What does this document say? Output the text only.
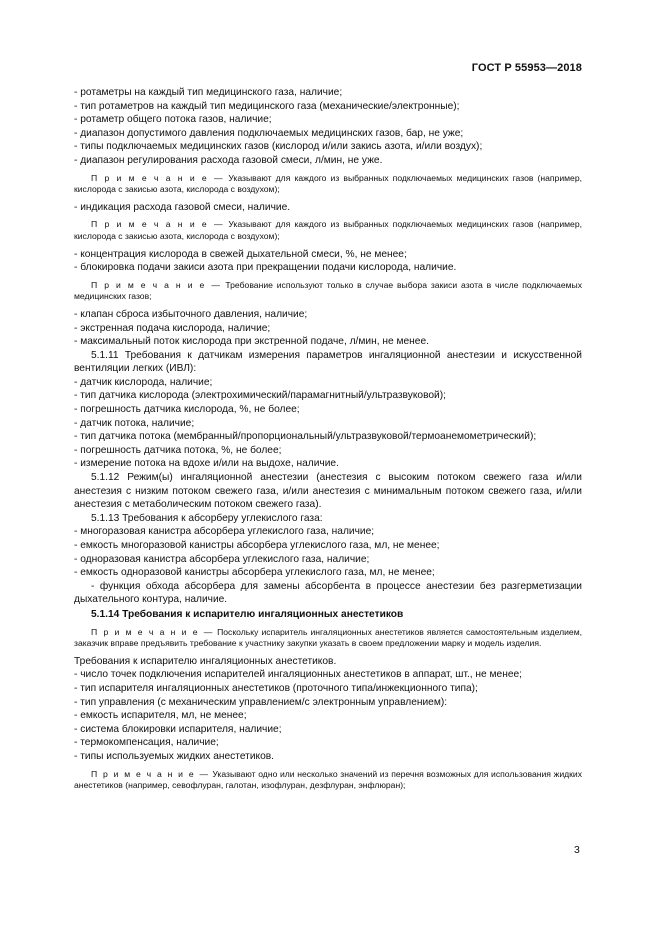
ГОСТ Р 55953—2018

- ротаметры на каждый тип медицинского газа, наличие;

- тип ротаметров на каждый тип медицинского газа (механические/электронные);

- ротаметр общего потока газов, наличие;

- диапазон допустимого давления подключаемых медицинских газов, бар, не уже;

- типы подключаемых медицинских газов (кислород и/или закись азота, и/или воздух);

- диапазон регулирования расхода газовой смеси, л/мин, не уже.

П р и м е ч а н и е — Указывают для каждого из выбранных подключаемых медицинских газов (например, кислорода с закисью азота, кислорода с воздухом);

- индикация расхода газовой смеси, наличие.

П р и м е ч а н и е — Указывают для каждого из выбранных подключаемых медицинских газов (например, кислорода с закисью азота, кислорода с воздухом);

- концентрация кислорода в свежей дыхательной смеси, %, не менее;

- блокировка подачи закиси азота при прекращении подачи кислорода, наличие.

П р и м е ч а н и е — Требование используют только в случае выбора закиси азота в числе подключаемых медицинских газов;

- клапан сброса избыточного давления, наличие;

- экстренная подача кислорода, наличие;

- максимальный поток кислорода при экстренной подаче, л/мин, не менее.

5.1.11 Требования к датчикам измерения параметров ингаляционной анестезии и искусственной вентиляции легких (ИВЛ):

- датчик кислорода, наличие;

- тип датчика кислорода (электрохимический/парамагнитный/ультразвуковой);

- погрешность датчика кислорода, %, не более;

- датчик потока, наличие;

- тип датчика потока (мембранный/пропорциональный/ультразвуковой/термоанемометрический);

- погрешность датчика потока, %, не более;

- измерение потока на вдохе и/или на выдохе, наличие.

5.1.12 Режим(ы) ингаляционной анестезии (анестезия с высоким потоком свежего газа и/или анестезия с низким потоком свежего газа, и/или анестезия с минимальным потоком свежего газа, и/или анестезия с метаболическим потоком свежего газа).

5.1.13 Требования к абсорберу углекислого газа:

- многоразовая канистра абсорбера углекислого газа, наличие;

- емкость многоразовой канистры абсорбера углекислого газа, мл, не менее;

- одноразовая канистра абсорбера углекислого газа, наличие;

- емкость одноразовой канистры абсорбера углекислого газа, мл, не менее;

- функция обхода абсорбера для замены абсорбента в процессе анестезии без разгерметизации дыхательного контура, наличие.

5.1.14 Требования к испарителю ингаляционных анестетиков

П р и м е ч а н и е — Поскольку испаритель ингаляционных анестетиков является самостоятельным изделием, заказчик вправе предъявить требование к участнику закупки указать в своем предложении марку и модель изделия.

Требования к испарителю ингаляционных анестетиков.

- число точек подключения испарителей ингаляционных анестетиков в аппарат, шт., не менее;

- тип испарителя ингаляционных анестетиков (проточного типа/инжекционного типа);

- тип управления (с механическим управлением/с электронным управлением):

- емкость испарителя, мл, не менее;

- система блокировки испарителя, наличие;

- термокомпенсация, наличие;

- типы используемых жидких анестетиков.

П р и м е ч а н и е — Указывают одно или несколько значений из перечня возможных для использования жидких анестетиков (например, севофлуран, галотан, изофлуран, дезфлуран, энфлюран);

3
